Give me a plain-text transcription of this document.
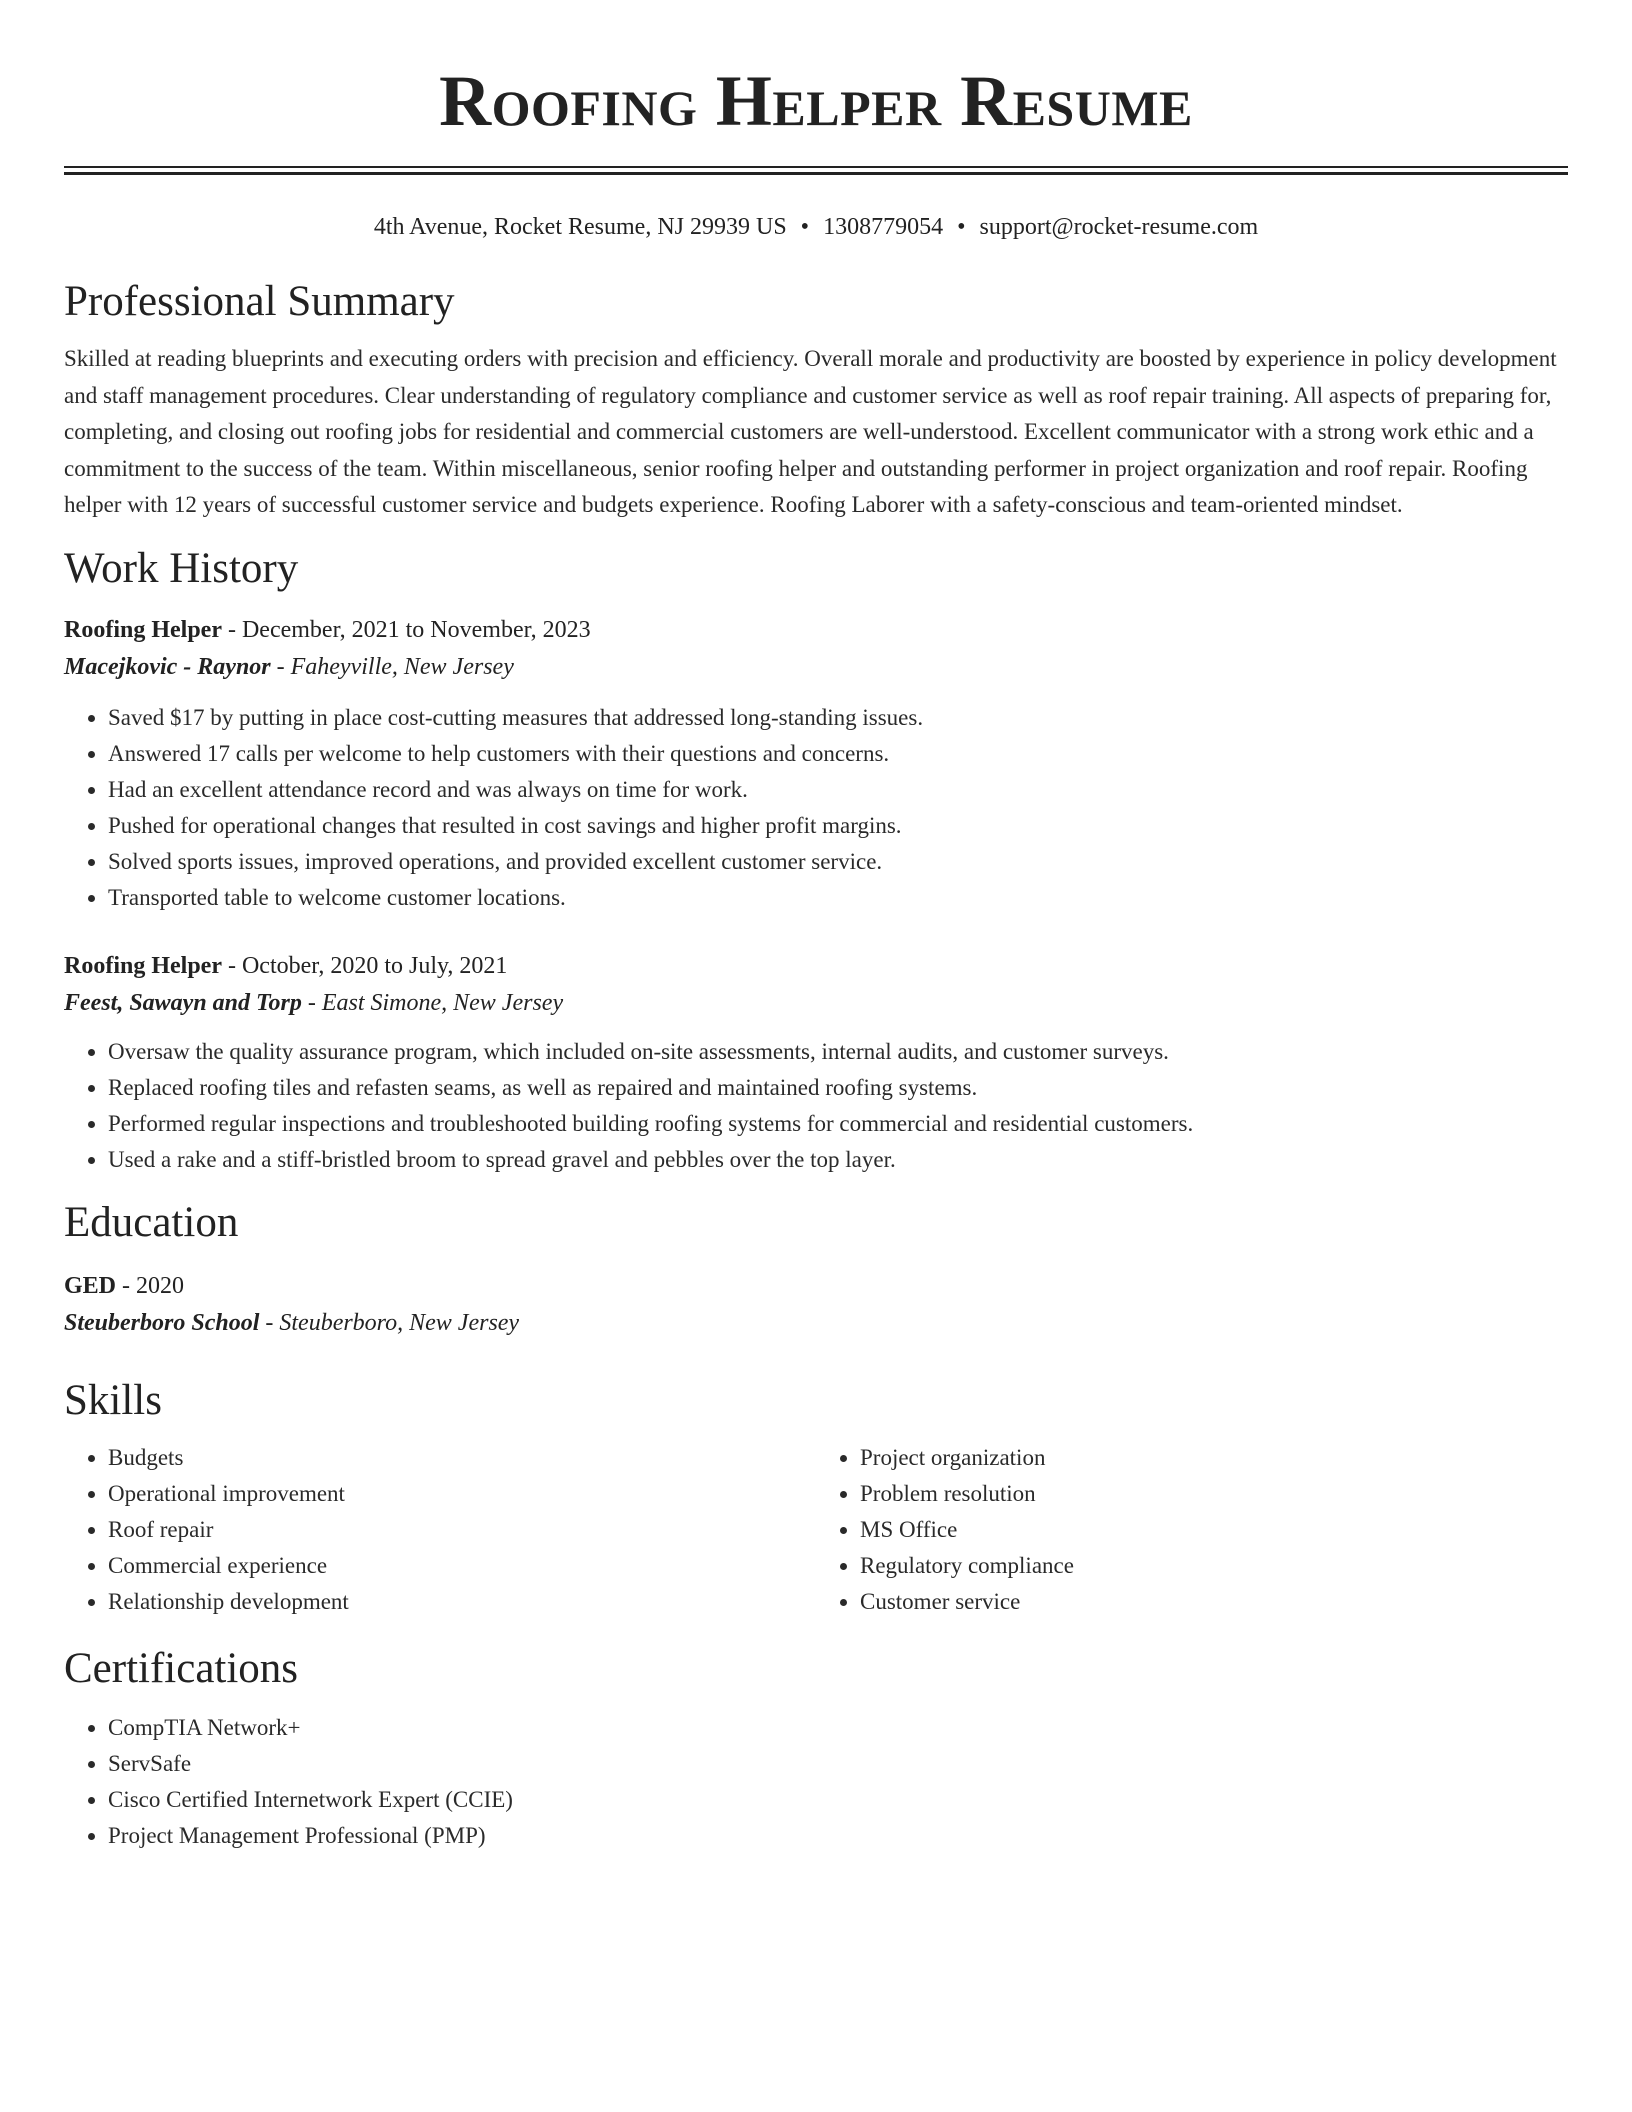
Roofing Helper Resume
4th Avenue, Rocket Resume, NJ 29939 US • 1308779054 • support@rocket-resume.com
Professional Summary

Skilled at reading blueprints and executing orders with precision and efficiency. Overall morale and productivity are boosted by experience in policy development and staff management procedures. Clear understanding of regulatory compliance and customer service as well as roof repair training. All aspects of preparing for, completing, and closing out roofing jobs for residential and commercial customers are well-understood. Excellent communicator with a strong work ethic and a commitment to the success of the team. Within miscellaneous, senior roofing helper and outstanding performer in project organization and roof repair. Roofing helper with 12 years of successful customer service and budgets experience. Roofing Laborer with a safety-conscious and team-oriented mindset.

Work History
Roofing Helper - December, 2021 to November, 2023
Macejkovic - Raynor - Faheyville, New Jersey
• Saved $17 by putting in place cost-cutting measures that addressed long-standing issues.
• Answered 17 calls per welcome to help customers with their questions and concerns.
• Had an excellent attendance record and was always on time for work.
• Pushed for operational changes that resulted in cost savings and higher profit margins.
• Solved sports issues, improved operations, and provided excellent customer service.
• Transported table to welcome customer locations.
Roofing Helper - October, 2020 to July, 2021
Feest, Sawayn and Torp - East Simone, New Jersey
• Oversaw the quality assurance program, which included on-site assessments, internal audits, and customer surveys.
• Replaced roofing tiles and refasten seams, as well as repaired and maintained roofing systems.
• Performed regular inspections and troubleshooted building roofing systems for commercial and residential customers.
• Used a rake and a stiff-bristled broom to spread gravel and pebbles over the top layer.
Education
GED - 2020
Steuberboro School - Steuberboro, New Jersey
Skills
• Budgets
• Operational improvement
• Roof repair
• Commercial experience
• Relationship development
• Project organization
• Problem resolution
• MS Office
• Regulatory compliance
• Customer service
Certifications
• CompTIA Network+
• ServSafe
• Cisco Certified Internetwork Expert (CCIE)
• Project Management Professional (PMP)
